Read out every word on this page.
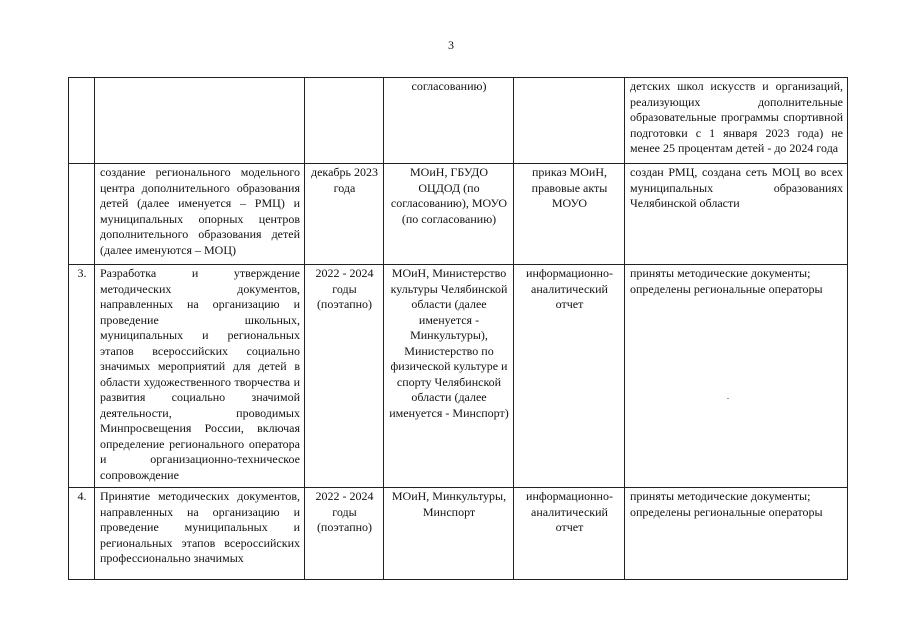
3
			согласованию)		детских школ искусств и организаций, реализующих дополнительные образовательные программы спортивной подготовки с 1 января 2023 года) не менее 25 процентам детей - до 2024 года
	создание регионального модельного центра дополнительного образования детей (далее именуется – РМЦ) и муниципальных опорных центров дополнительного образования детей (далее именуются – МОЦ)	декабрь 2023 года	МОиН, ГБУДО ОЦДОД (по согласованию), МОУО (по согласованию)	приказ МОиН, правовые акты МОУО	создан РМЦ, создана сеть МОЦ во всех муниципальных образованиях Челябинской области
3.	Разработка и утверждение методических документов, направленных на организацию и проведение школьных, муниципальных и региональных этапов всероссийских социально значимых мероприятий для детей в области художественного творчества и развития социально значимой деятельности, проводимых Минпросвещения России, включая определение регионального оператора и организационно-техническое сопровождение	2022 - 2024 годы (поэтапно)	МОиН, Министерство культуры Челябинской области (далее именуется - Минкультуры), Министерство по физической культуре и спорту Челябинской области (далее именуется - Минспорт)	информационно-аналитический отчет	приняты методические документы; определены региональные операторы
4.	Принятие методических документов, направленных на организацию и проведение муниципальных и региональных этапов всероссийских профессионально значимых	2022 - 2024 годы (поэтапно)	МОиН, Минкультуры, Минспорт	информационно-аналитический отчет	приняты методические документы; определены региональные операторы
